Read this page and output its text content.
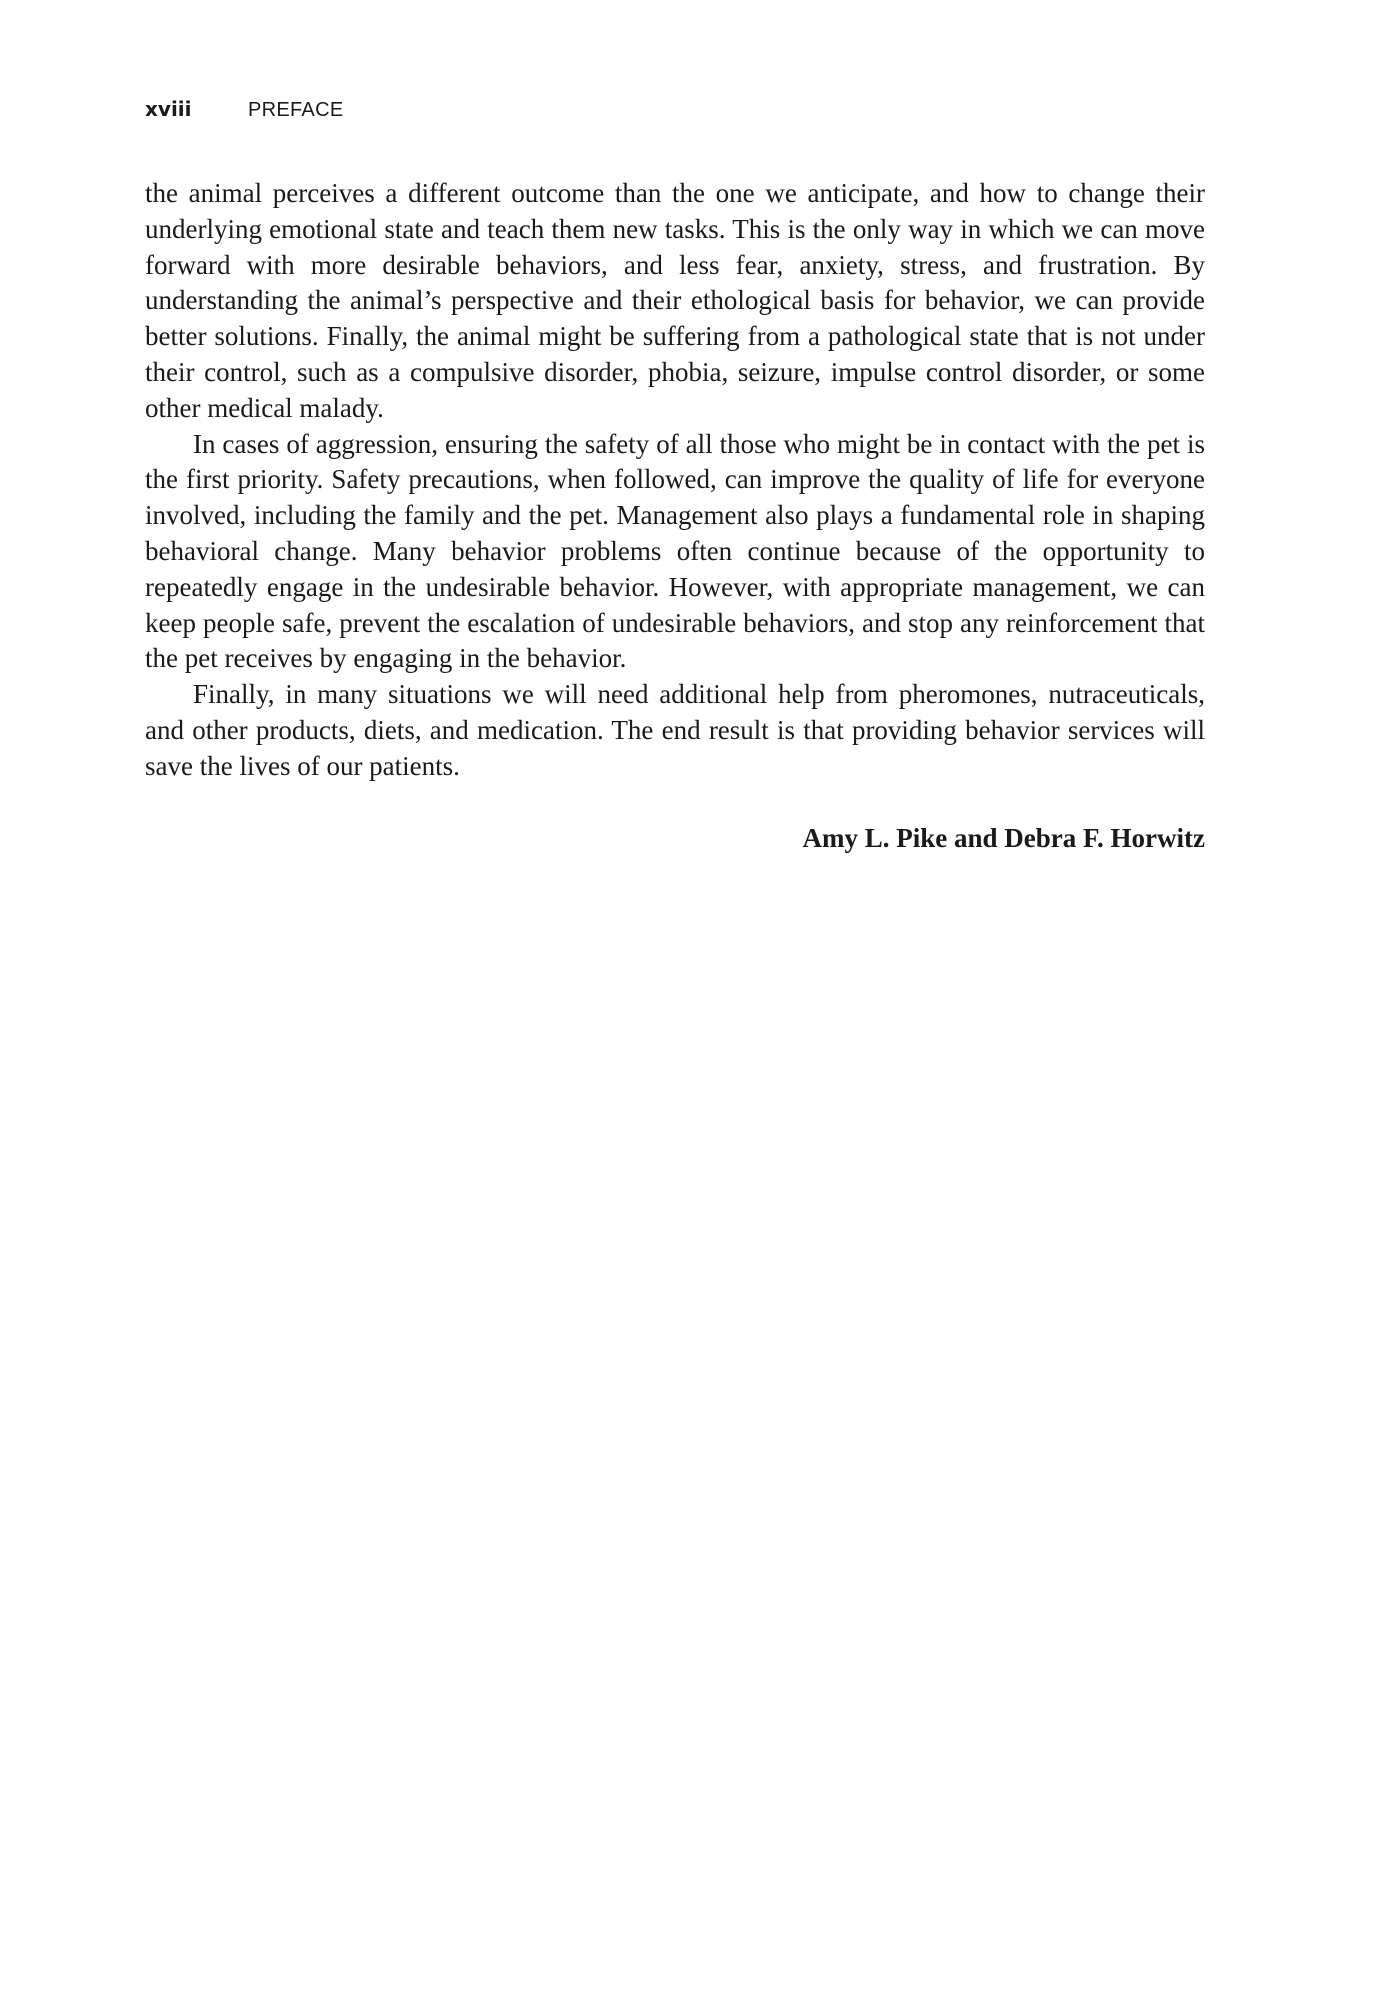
xviii	PREFACE

the animal perceives a different outcome than the one we anticipate, and how to change their underlying emotional state and teach them new tasks. This is the only way in which we can move forward with more desirable behaviors, and less fear, anxiety, stress, and frustration. By understanding the animal’s perspective and their ethological basis for behavior, we can provide better solutions. Finally, the animal might be suffering from a pathological state that is not under their control, such as a compulsive disorder, phobia, seizure, impulse control disorder, or some other medical malady.

In cases of aggression, ensuring the safety of all those who might be in contact with the pet is the first priority. Safety precautions, when followed, can improve the quality of life for everyone involved, including the family and the pet. Management also plays a fundamental role in shaping behavioral change. Many behavior problems often continue because of the opportunity to repeatedly engage in the undesirable behavior. However, with appropriate management, we can keep people safe, prevent the escalation of undesirable behaviors, and stop any reinforcement that the pet receives by engaging in the behavior.

Finally, in many situations we will need additional help from pheromones, nutraceuticals, and other products, diets, and medication. The end result is that providing behavior services will save the lives of our patients.

Amy L. Pike and Debra F. Horwitz
